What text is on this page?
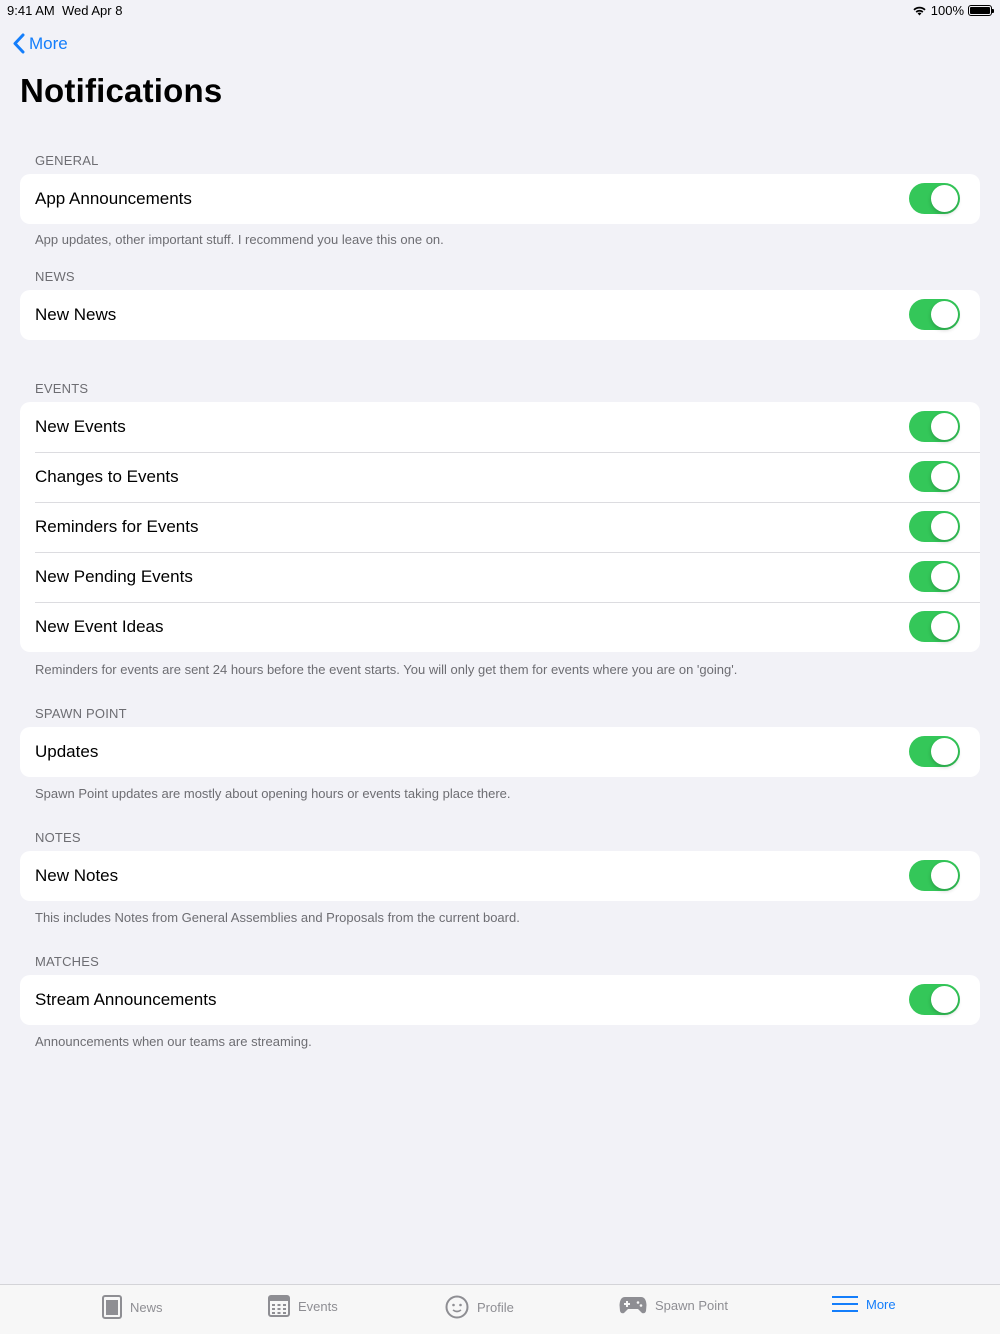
9:41 AM Wed Apr 8	100%
More
Notifications
GENERAL
App Announcements
App updates, other important stuff. I recommend you leave this one on.
NEWS
New News
EVENTS
New Events
Changes to Events
Reminders for Events
New Pending Events
New Event Ideas
Reminders for events are sent 24 hours before the event starts. You will only get them for events where you are on 'going'.
SPAWN POINT
Updates
Spawn Point updates are mostly about opening hours or events taking place there.
NOTES
New Notes
This includes Notes from General Assemblies and Proposals from the current board.
MATCHES
Stream Announcements
Announcements when our teams are streaming.
News	Events	Profile	Spawn Point	More
